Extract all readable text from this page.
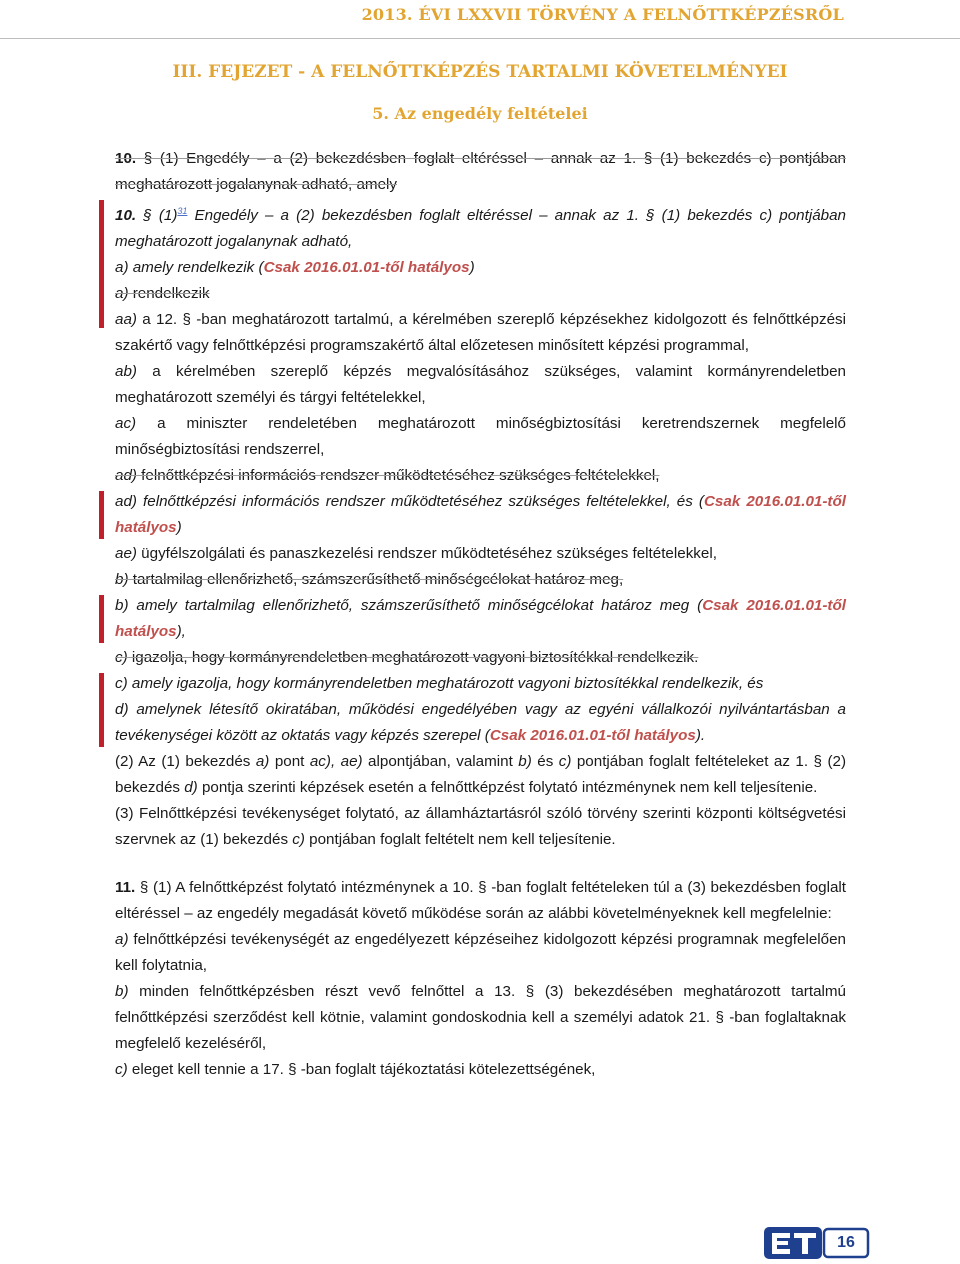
2013. ÉVI LXXVII TÖRVÉNY A FELNŐTTKÉPZÉSRŐL
III. FEJEZET - A FELNŐTTKÉPZÉS TARTALMI KÖVETELMÉNYEI
5. Az engedély feltételei

10. § (1) Engedély – a (2) bekezdésben foglalt eltéréssel – annak az 1. § (1) bekezdés c) pontjában meghatározott jogalanynak adható, amely

10. § (1)$^{31}$ Engedély – a (2) bekezdésben foglalt eltéréssel – annak az 1. § (1) bekezdés c) pontjában meghatározott jogalanynak adható,

a) amely rendelkezik (Csak 2016.01.01-től hatályos)

a) rendelkezik

aa) a 12. § -ban meghatározott tartalmú, a kérelmében szereplő képzésekhez kidolgozott és felnőttképzési szakértő vagy felnőttképzési programszakértő által előzetesen minősített képzési programmal,

ab) a kérelmében szereplő képzés megvalósításához szükséges, valamint kormányrendeletben meghatározott személyi és tárgyi feltételekkel,

ac) a miniszter rendeletében meghatározott minőségbiztosítási keretrendszernek megfelelő minőségbiztosítási rendszerrel,

ad) felnőttképzési információs rendszer működtetéséhez szükséges feltételekkel,

ad) felnőttképzési információs rendszer működtetéséhez szükséges feltételekkel, és (Csak 2016.01.01-től hatályos)

ae) ügyfélszolgálati és panaszkezelési rendszer működtetéséhez szükséges feltételekkel,

b) tartalmilag ellenőrizhető, számszerűsíthető minőségcélokat határoz meg,

b) amely tartalmilag ellenőrizhető, számszerűsíthető minőségcélokat határoz meg (Csak 2016.01.01-től hatályos),

c) igazolja, hogy kormányrendeletben meghatározott vagyoni biztosítékkal rendelkezik.

c) amely igazolja, hogy kormányrendeletben meghatározott vagyoni biztosítékkal rendelkezik, és

d) amelynek létesítő okiratában, működési engedélyében vagy az egyéni vállalkozói nyilvántartásban a tevékenységei között az oktatás vagy képzés szerepel (Csak 2016.01.01-től hatályos).

(2) Az (1) bekezdés a) pont ac), ae) alpontjában, valamint b) és c) pontjában foglalt feltételeket az 1. § (2) bekezdés d) pontja szerinti képzések esetén a felnőttképzést folytató intézménynek nem kell teljesítenie.

(3) Felnőttképzési tevékenységet folytató, az államháztartásról szóló törvény szerinti központi költségvetési szervnek az (1) bekezdés c) pontjában foglalt feltételt nem kell teljesítenie.

11. § (1) A felnőttképzést folytató intézménynek a 10. § -ban foglalt feltételeken túl a (3) bekezdésben foglalt eltéréssel – az engedély megadását követő működése során az alábbi követelményeknek kell megfelelnie:

a) felnőttképzési tevékenységét az engedélyezett képzéseihez kidolgozott képzési programnak megfelelően kell folytatnia,

b) minden felnőttképzésben részt vevő felnőttel a 13. § (3) bekezdésében meghatározott tartalmú felnőttképzési szerződést kell kötnie, valamint gondoskodnia kell a személyi adatok 21. § -ban foglaltaknak megfelelő kezeléséről,

c) eleget kell tennie a 17. § -ban foglalt tájékoztatási kötelezettségének,

16
